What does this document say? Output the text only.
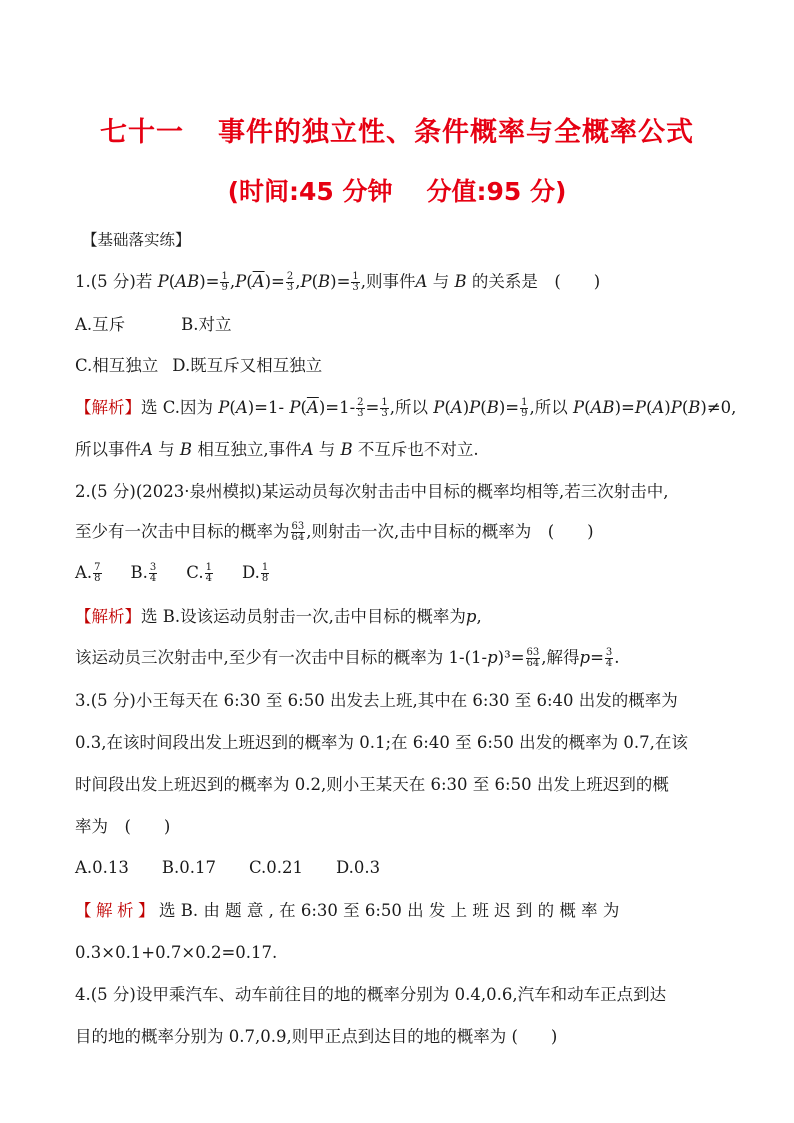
七十一 事件的独立性、条件概率与全概率公式
(时间:45 分钟 分值:95 分)
【基础落实练】
1.(5 分)若 $P(AB)= \frac{1}{9} ,P(\overline{A})= \frac{2}{3} ,P(B)= \frac{1}{3}$ ,则事件A 与 B 的关系是　(　　)
A.互斥	B.对立
C.相互独立 D.既互斥又相互独立
【解析】选 C.因为 P(A)=1- $P(\overline{A})=1- \frac{2}{3} = \frac{1}{3}$ ,所以 $P(A)P(B)= \frac{1}{9}$ ,所以 P(AB)=P(A)P(B)≠0,
所以事件A 与 B 相互独立,事件A 与 B 不互斥也不对立.
2.(5 分)(2023·泉州模拟)某运动员每次射击击中目标的概率均相等,若三次射击中,
至少有一次击中目标的概率为 $\frac{63}{64}$ ,则射击一次,击中目标的概率为　(　　)
A. $\frac{7}{8} B$. $\frac{3}{4} C$. $\frac{1}{4} D$. $\frac{1}{8}$
【解析】选 B.设该运动员射击一次,击中目标的概率为p,
该运动员三次射击中,至少有一次击中目标的概率为 $1-(1-p)^3= \frac{63}{64}$ ,解得$p= \frac{3}{4}$ .
3.(5 分)小王每天在 6:30 至 6:50 出发去上班,其中在 6:30 至 6:40 出发的概率为
0.3,在该时间段出发上班迟到的概率为 0.1;在 6:40 至 6:50 出发的概率为 0.7,在该
时间段出发上班迟到的概率为 0.2,则小王某天在 6:30 至 6:50 出发上班迟到的概
率为　(　　)
A.0.13　　B.0.17　　C.0.21　　D.0.3
【解析】选 B. 由 题 意 , 在 6:30 至 6:50 出 发 上 班 迟 到 的 概 率 为
0.3×0.1+0.7×0.2=0.17.
4.(5 分)设甲乘汽车、动车前往目的地的概率分别为 0.4,0.6,汽车和动车正点到达
目的地的概率分别为 0.7,0.9,则甲正点到达目的地的概率为 (　　)
